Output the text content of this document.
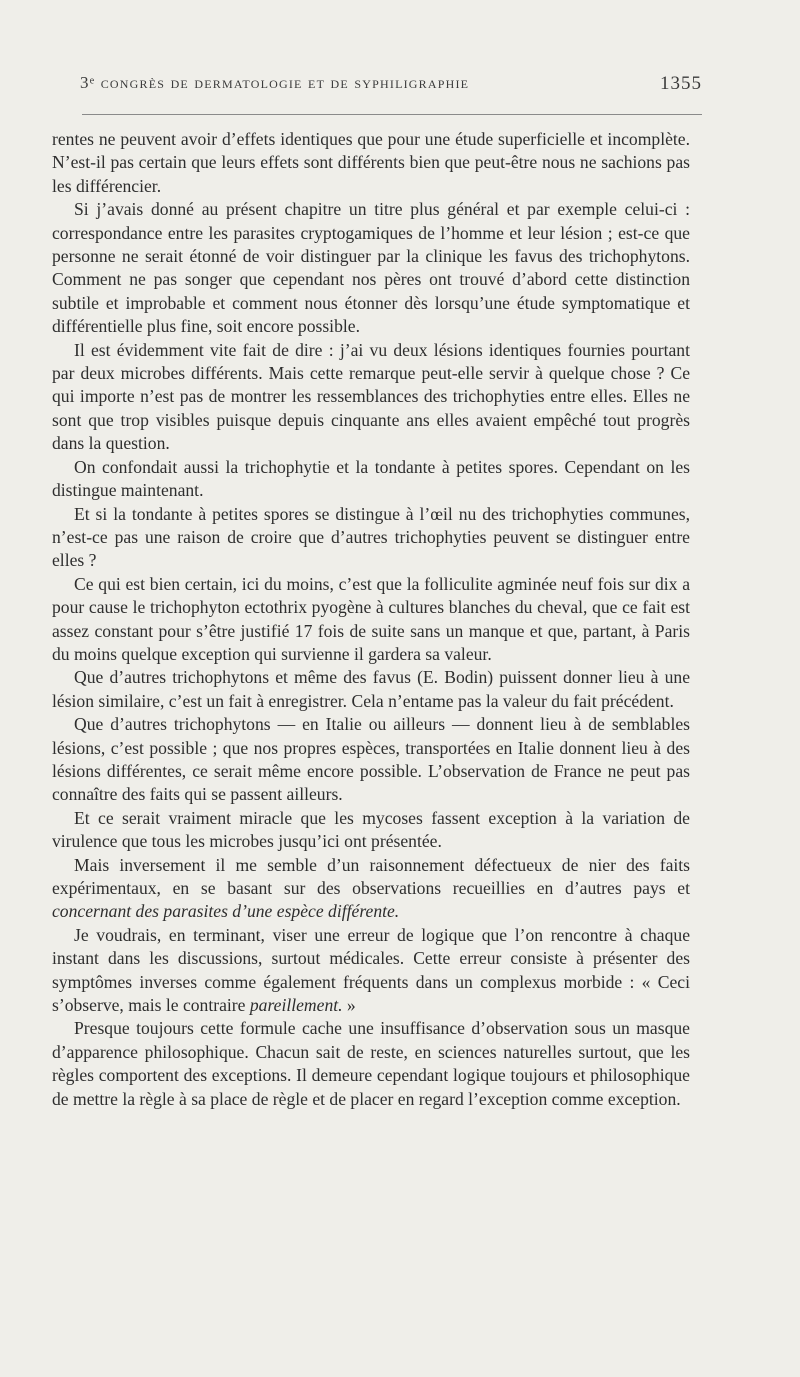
3ᵉ congrès de dermatologie et de syphiligraphie	1355

rentes ne peuvent avoir d’effets identiques que pour une étude superficielle et incomplète. N’est-il pas certain que leurs effets sont différents bien que peut-être nous ne sachions pas les différencier.

Si j’avais donné au présent chapitre un titre plus général et par exemple celui-ci : correspondance entre les parasites cryptogamiques de l’homme et leur lésion ; est-ce que personne ne serait étonné de voir distinguer par la clinique les favus des trichophytons. Comment ne pas songer que cependant nos pères ont trouvé d’abord cette distinction subtile et improbable et comment nous étonner dès lorsqu’une étude symptomatique et différentielle plus fine, soit encore possible.

Il est évidemment vite fait de dire : j’ai vu deux lésions identiques fournies pourtant par deux microbes différents. Mais cette remarque peut-elle servir à quelque chose ? Ce qui importe n’est pas de montrer les ressemblances des trichophyties entre elles. Elles ne sont que trop visibles puisque depuis cinquante ans elles avaient empêché tout progrès dans la question.

On confondait aussi la trichophytie et la tondante à petites spores. Cependant on les distingue maintenant.

Et si la tondante à petites spores se distingue à l’œil nu des trichophyties communes, n’est-ce pas une raison de croire que d’autres trichophyties peuvent se distinguer entre elles ?

Ce qui est bien certain, ici du moins, c’est que la folliculite agminée neuf fois sur dix a pour cause le trichophyton ectothrix pyogène à cultures blanches du cheval, que ce fait est assez constant pour s’être justifié 17 fois de suite sans un manque et que, partant, à Paris du moins quelque exception qui survienne il gardera sa valeur.

Que d’autres trichophytons et même des favus (E. Bodin) puissent donner lieu à une lésion similaire, c’est un fait à enregistrer. Cela n’entame pas la valeur du fait précédent.

Que d’autres trichophytons — en Italie ou ailleurs — donnent lieu à de semblables lésions, c’est possible ; que nos propres espèces, transportées en Italie donnent lieu à des lésions différentes, ce serait même encore possible. L’observation de France ne peut pas connaître des faits qui se passent ailleurs.

Et ce serait vraiment miracle que les mycoses fassent exception à la variation de virulence que tous les microbes jusqu’ici ont présentée.

Mais inversement il me semble d’un raisonnement défectueux de nier des faits expérimentaux, en se basant sur des observations recueillies en d’autres pays et concernant des parasites d’une espèce différente.

Je voudrais, en terminant, viser une erreur de logique que l’on rencontre à chaque instant dans les discussions, surtout médicales. Cette erreur consiste à présenter des symptômes inverses comme également fréquents dans un complexus morbide : « Ceci s’observe, mais le contraire pareillement. »

Presque toujours cette formule cache une insuffisance d’observation sous un masque d’apparence philosophique. Chacun sait de reste, en sciences naturelles surtout, que les règles comportent des exceptions. Il demeure cependant logique toujours et philosophique de mettre la règle à sa place de règle et de placer en regard l’exception comme exception.
